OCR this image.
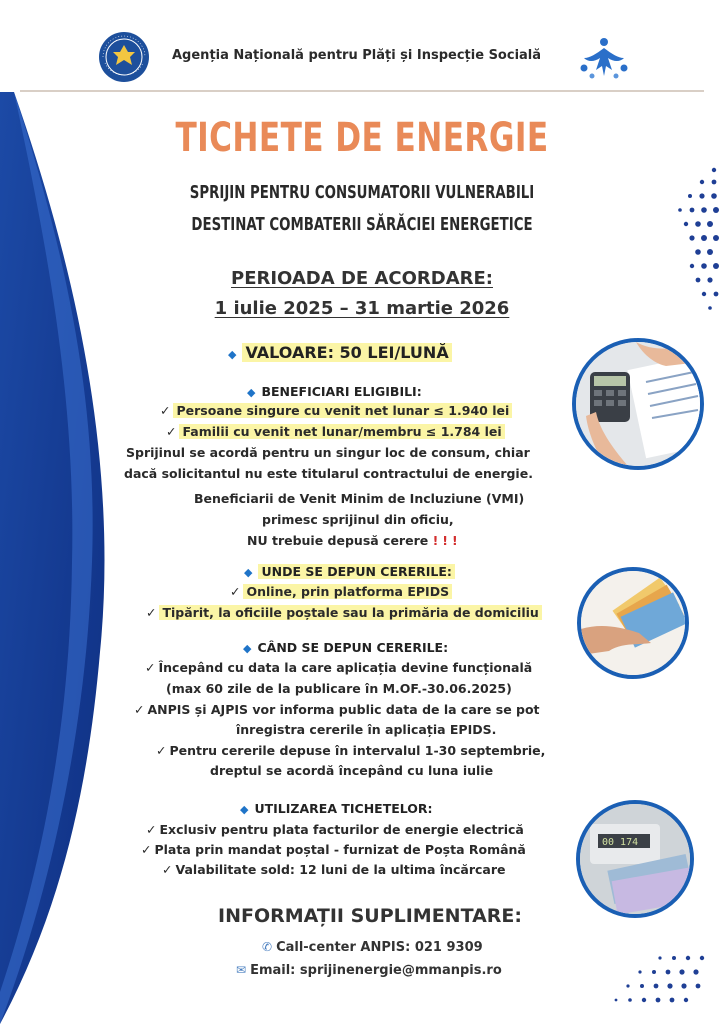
Agenția Națională pentru Plăți și Inspecție Socială
00 174
TICHETE DE ENERGIE
SPRIJIN PENTRU CONSUMATORII VULNERABILI
DESTINAT COMBATERII SĂRĂCIEI ENERGETICE
PERIOADA DE ACORDARE:
1 iulie 2025 – 31 martie 2026
◆ VALOARE: 50 LEI/LUNĂ
◆ BENEFICIARI ELIGIBILI:
✓ Persoane singure cu venit net lunar ≤ 1.940 lei
✓ Familii cu venit net lunar/membru ≤ 1.784 lei
Sprijinul se acordă pentru un singur loc de consum, chiar
dacă solicitantul nu este titularul contractului de energie.
Beneficiarii de Venit Minim de Incluziune (VMI)
primesc sprijinul din oficiu,
NU trebuie depusă cerere !!!
◆ UNDE SE DEPUN CERERILE:
✓ Online, prin platforma EPIDS
✓ Tipărit, la oficiile poștale sau la primăria de domiciliu
◆ CÂND SE DEPUN CERERILE:
✓ Începând cu data la care aplicația devine funcțională
(max 60 zile de la publicare în M.OF.-30.06.2025)
✓ ANPIS și AJPIS vor informa public data de la care se pot
înregistra cererile în aplicația EPIDS.
✓ Pentru cererile depuse în intervalul 1-30 septembrie,
dreptul se acordă începând cu luna iulie
◆ UTILIZAREA TICHETELOR:
✓ Exclusiv pentru plata facturilor de energie electrică
✓ Plata prin mandat poștal - furnizat de Poșta Română
✓ Valabilitate sold: 12 luni de la ultima încărcare
INFORMAȚII SUPLIMENTARE:
✆ Call-center ANPIS: 021 9309
✉ Email: sprijinenergie@mmanpis.ro
